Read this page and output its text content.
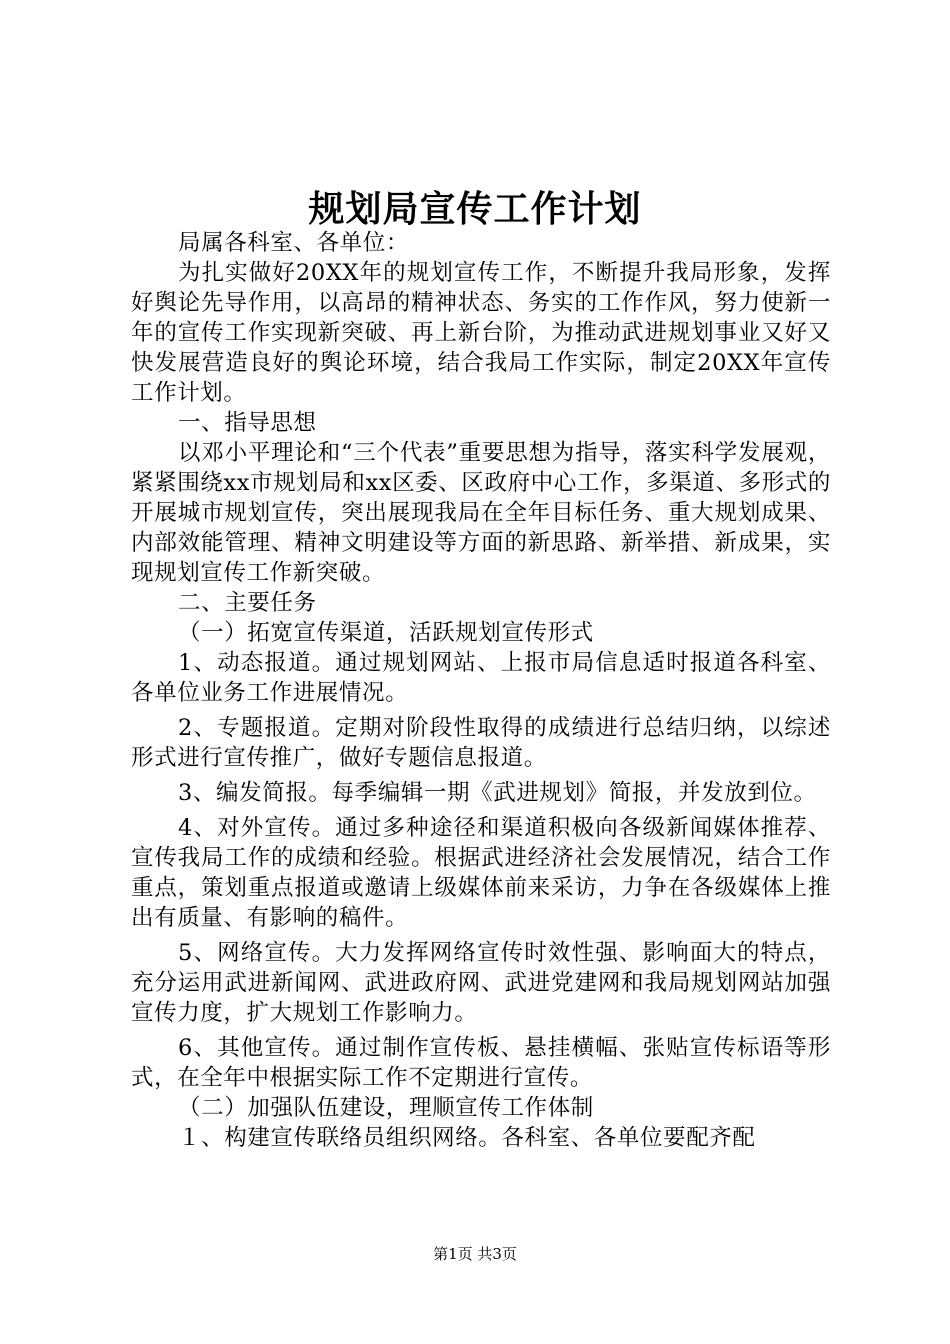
规划局宣传工作计划

局属各科室、各单位：

为扎实做好20XX年的规划宣传工作，不断提升我局形象，发挥好舆论先导作用，以高昂的精神状态、务实的工作作风，努力使新一年的宣传工作实现新突破、再上新台阶，为推动武进规划事业又好又快发展营造良好的舆论环境，结合我局工作实际，制定20XX年宣传工作计划。

一、指导思想

以邓小平理论和“三个代表”重要思想为指导，落实科学发展观，紧紧围绕xx市规划局和xx区委、区政府中心工作，多渠道、多形式的开展城市规划宣传，突出展现我局在全年目标任务、重大规划成果、内部效能管理、精神文明建设等方面的新思路、新举措、新成果，实现规划宣传工作新突破。

二、主要任务

（一）拓宽宣传渠道，活跃规划宣传形式

1、动态报道。通过规划网站、上报市局信息适时报道各科室、各单位业务工作进展情况。

2、专题报道。定期对阶段性取得的成绩进行总结归纳，以综述形式进行宣传推广，做好专题信息报道。

3、编发简报。每季编辑一期《武进规划》简报，并发放到位。

4、对外宣传。通过多种途径和渠道积极向各级新闻媒体推荐、宣传我局工作的成绩和经验。根据武进经济社会发展情况，结合工作重点，策划重点报道或邀请上级媒体前来采访，力争在各级媒体上推出有质量、有影响的稿件。

5、网络宣传。大力发挥网络宣传时效性强、影响面大的特点，充分运用武进新闻网、武进政府网、武进党建网和我局规划网站加强宣传力度，扩大规划工作影响力。

6、其他宣传。通过制作宣传板、悬挂横幅、张贴宣传标语等形式，在全年中根据实际工作不定期进行宣传。

（二）加强队伍建设，理顺宣传工作体制

１、构建宣传联络员组织网络。各科室、各单位要配齐配

第1页 共3页
